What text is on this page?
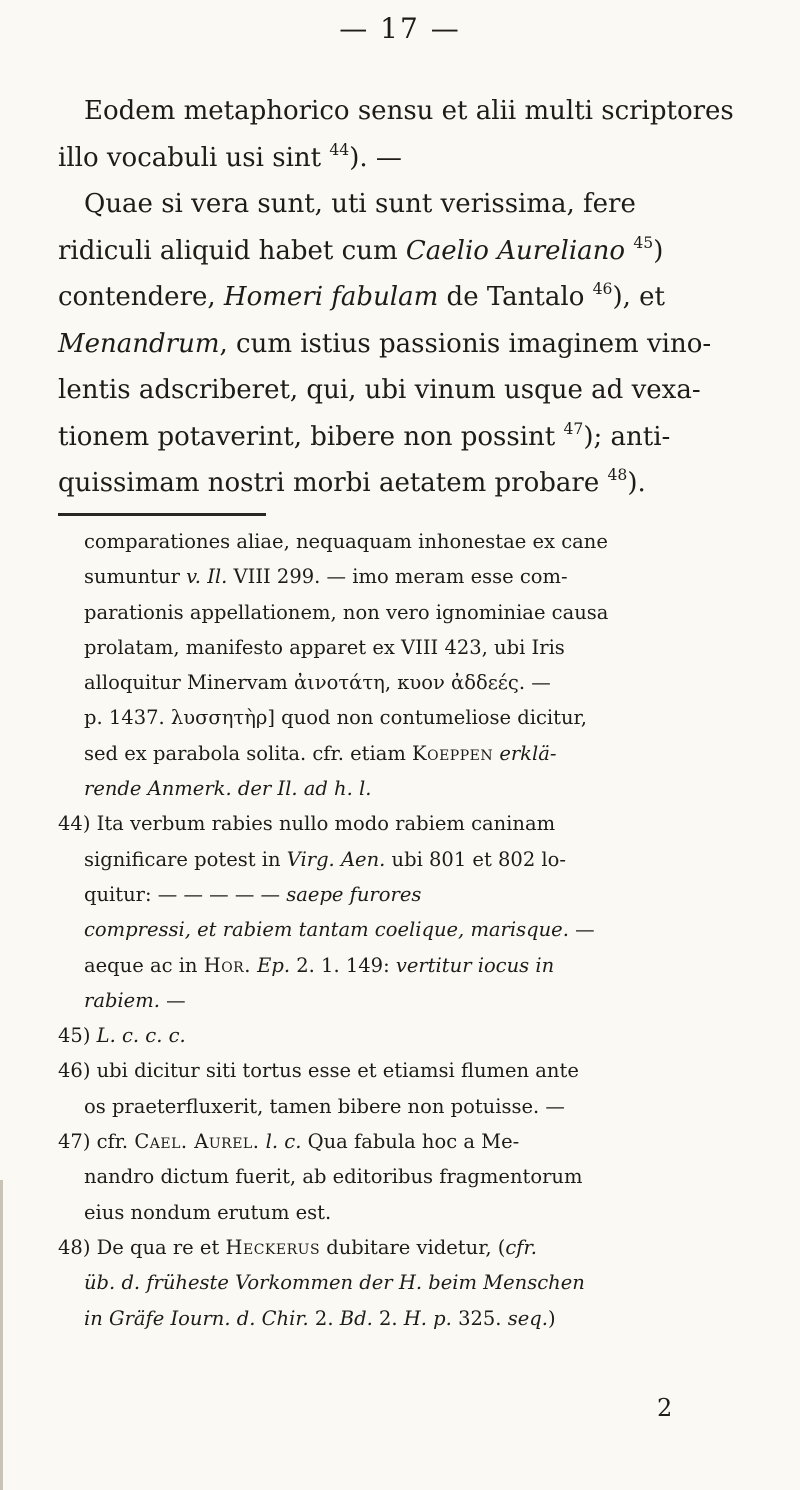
— 17 —
Eodem metaphorico sensu et alii multi scriptores
illo vocabuli usi sint $^{44}$). —
Quae si vera sunt, uti sunt verissima, fere
ridiculi aliquid habet cum Caelio Aureliano $^{45}$)
contendere, Homeri fabulam de Tantalo $^{46}$), et
Menandrum, cum istius passionis imaginem vino-
lentis adscriberet, qui, ubi vinum usque ad vexa-
tionem potaverint, bibere non possint $^{47}$); anti-
quissimam nostri morbi aetatem probare $^{48}$).
comparationes aliae, nequaquam inhonestae ex cane
sumuntur v. Il. VIII 299. — imo meram esse com-
parationis appellationem, non vero ignominiae causa
prolatam, manifesto apparet ex VIII 423, ubi Iris
alloquitur Minervam ἀινοτάτη, κυον ἀδδεές. —
p. 1437. λυσσητὴρ] quod non contumeliose dicitur,
sed ex parabola solita. cfr. etiam Koeppen erklä-
rende Anmerk. der Il. ad h. l.
44) Ita verbum rabies nullo modo rabiem caninam
significare potest in Virg. Aen. ubi 801 et 802 lo-
quitur: — — — — — saepe furores
compressi, et rabiem tantam coelique, marisque. —
aeque ac in Hor. Ep. 2. 1. 149: vertitur iocus in
rabiem. —
45) L. c. c. c.
46) ubi dicitur siti tortus esse et etiamsi flumen ante
os praeterfluxerit, tamen bibere non potuisse. —
47) cfr. Cael. Aurel. l. c. Qua fabula hoc a Me-
nandro dictum fuerit, ab editoribus fragmentorum
eius nondum erutum est.
48) De qua re et Heckerus dubitare videtur, (cfr.
üb. d. früheste Vorkommen der H. beim Menschen
in Gräfe Iourn. d. Chir. 2. Bd. 2. H. p. 325. seq.)
2
